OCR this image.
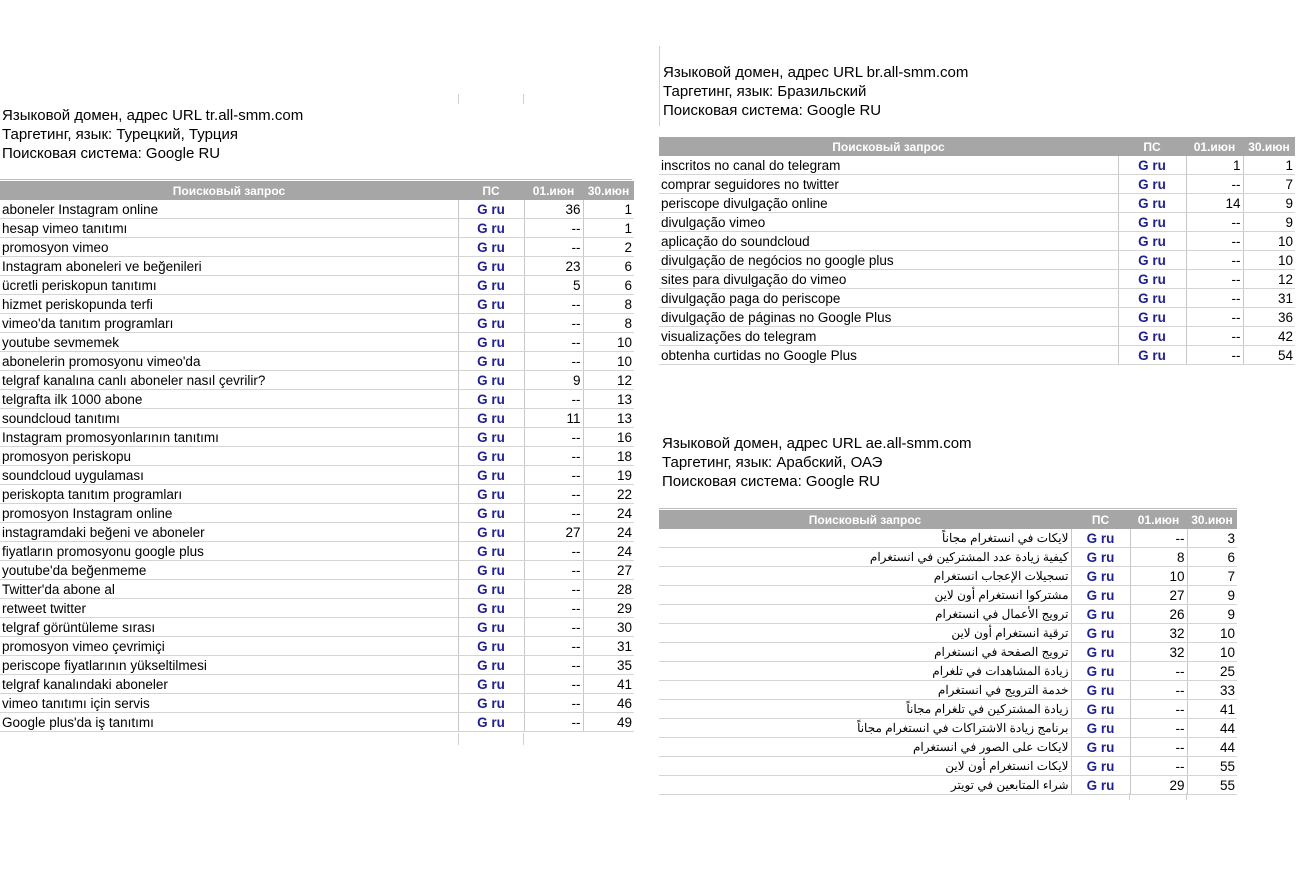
Языковой домен, адрес URL tr.all-smm.com
Таргетинг, язык: Турецкий, Турция
Поисковая система: Google RU
Поисковый запрос	ПС	01.июн	30.июн
aboneler Instagram online	G ru	36	1
hesap vimeo tanıtımı	G ru	--	1
promosyon vimeo	G ru	--	2
Instagram aboneleri ve beğenileri	G ru	23	6
ücretli periskopun tanıtımı	G ru	5	6
hizmet periskopunda terfi	G ru	--	8
vimeo'da tanıtım programları	G ru	--	8
youtube sevmemek	G ru	--	10
abonelerin promosyonu vimeo'da	G ru	--	10
telgraf kanalına canlı aboneler nasıl çevrilir?	G ru	9	12
telgrafta ilk 1000 abone	G ru	--	13
soundcloud tanıtımı	G ru	11	13
Instagram promosyonlarının tanıtımı	G ru	--	16
promosyon periskopu	G ru	--	18
soundcloud uygulaması	G ru	--	19
periskopta tanıtım programları	G ru	--	22
promosyon Instagram online	G ru	--	24
instagramdaki beğeni ve aboneler	G ru	27	24
fiyatların promosyonu google plus	G ru	--	24
youtube'da beğenmeme	G ru	--	27
Twitter'da abone al	G ru	--	28
retweet twitter	G ru	--	29
telgraf görüntüleme sırası	G ru	--	30
promosyon vimeo çevrimiçi	G ru	--	31
periscope fiyatlarının yükseltilmesi	G ru	--	35
telgraf kanalındaki aboneler	G ru	--	41
vimeo tanıtımı için servis	G ru	--	46
Google plus'da iş tanıtımı	G ru	--	49
Языковой домен, адрес URL br.all-smm.com
Таргетинг, язык: Бразильский
Поисковая система: Google RU
Поисковый запрос	ПС	01.июн	30.июн
inscritos no canal do telegram	G ru	1	1
comprar seguidores no twitter	G ru	--	7
periscope divulgação online	G ru	14	9
divulgação vimeo	G ru	--	9
aplicação do soundcloud	G ru	--	10
divulgação de negócios no google plus	G ru	--	10
sites para divulgação do vimeo	G ru	--	12
divulgação paga do periscope	G ru	--	31
divulgação de páginas no Google Plus	G ru	--	36
visualizações do telegram	G ru	--	42
obtenha curtidas no Google Plus	G ru	--	54
Языковой домен, адрес URL ae.all-smm.com
Таргетинг, язык: Арабский, ОАЭ
Поисковая система: Google RU
Поисковый запрос	ПС	01.июн	30.июн
لايكات في انستغرام مجاناً	G ru	--	3
كيفية زيادة عدد المشتركين في انستغرام	G ru	8	6
تسجيلات الإعجاب انستغرام	G ru	10	7
مشتركوا انستغرام أون لاين	G ru	27	9
ترويج الأعمال في انستغرام	G ru	26	9
ترقية انستغرام أون لاين	G ru	32	10
ترويج الصفحة في انستغرام	G ru	32	10
زيادة المشاهدات في تلغرام	G ru	--	25
خدمة الترويج في انستغرام	G ru	--	33
زيادة المشتركين في تلغرام مجاناً	G ru	--	41
برنامج زيادة الاشتراكات في انستغرام مجاناً	G ru	--	44
لايكات على الصور في انستغرام	G ru	--	44
لايكات انستغرام أون لاين	G ru	--	55
شراء المتابعين في تويتر	G ru	29	55
